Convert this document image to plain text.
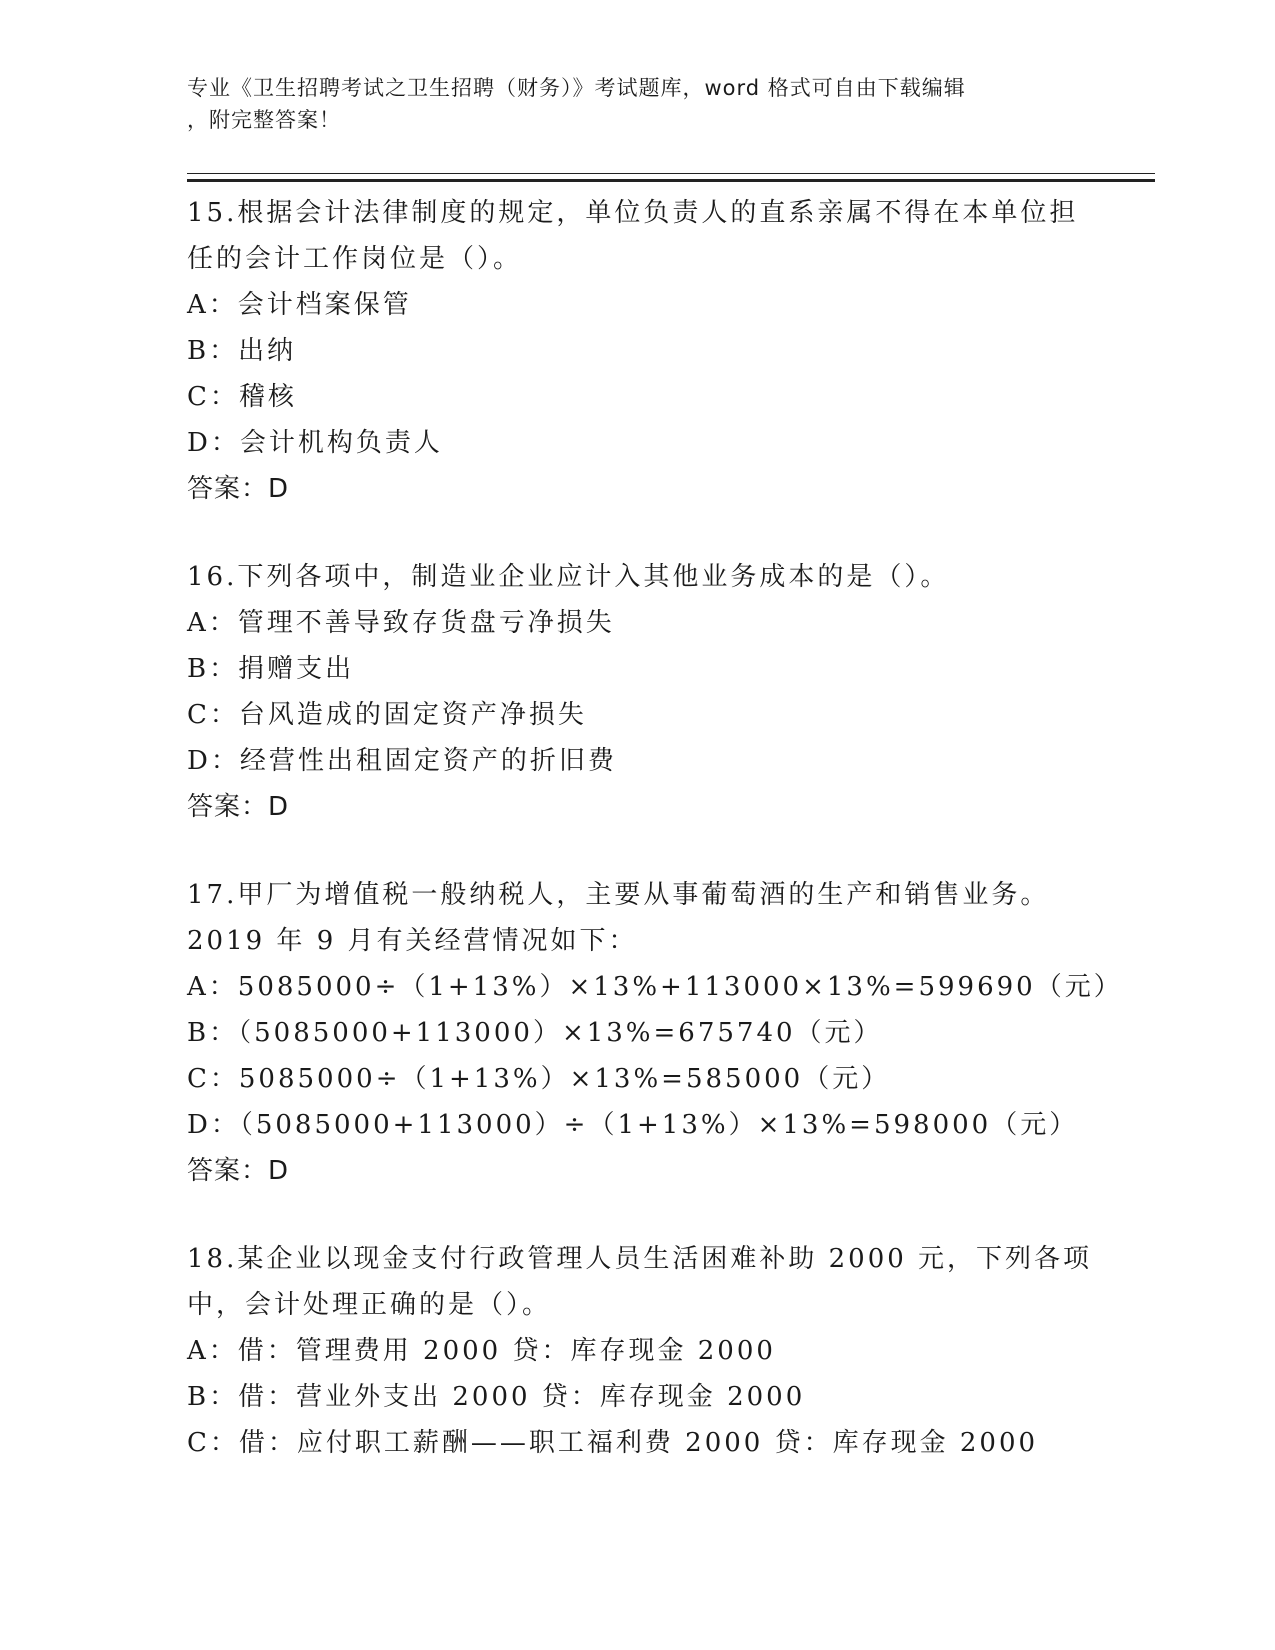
专业《卫生招聘考试之卫生招聘（财务）》考试题库，word 格式可自由下载编辑
，附完整答案！
15.根据会计法律制度的规定，单位负责人的直系亲属不得在本单位担
任的会计工作岗位是（）。
A：会计档案保管
B：出纳
C：稽核
D：会计机构负责人
答案：D
16.下列各项中，制造业企业应计入其他业务成本的是（）。
A：管理不善导致存货盘亏净损失
B：捐赠支出
C：台风造成的固定资产净损失
D：经营性出租固定资产的折旧费
答案：D
17.甲厂为增值税一般纳税人，主要从事葡萄酒的生产和销售业务。
2019 年 9 月有关经营情况如下：
A：5085000÷（1+13%）×13%+113000×13%=599690（元）
B：（5085000+113000）×13%=675740（元）
C：5085000÷（1+13%）×13%=585000（元）
D：（5085000+113000）÷（1+13%）×13%=598000（元）
答案：D
18.某企业以现金支付行政管理人员生活困难补助 2000 元，下列各项
中，会计处理正确的是（）。
A：借：管理费用 2000 贷：库存现金 2000
B：借：营业外支出 2000 贷：库存现金 2000
C：借：应付职工薪酬——职工福利费 2000 贷：库存现金 2000
